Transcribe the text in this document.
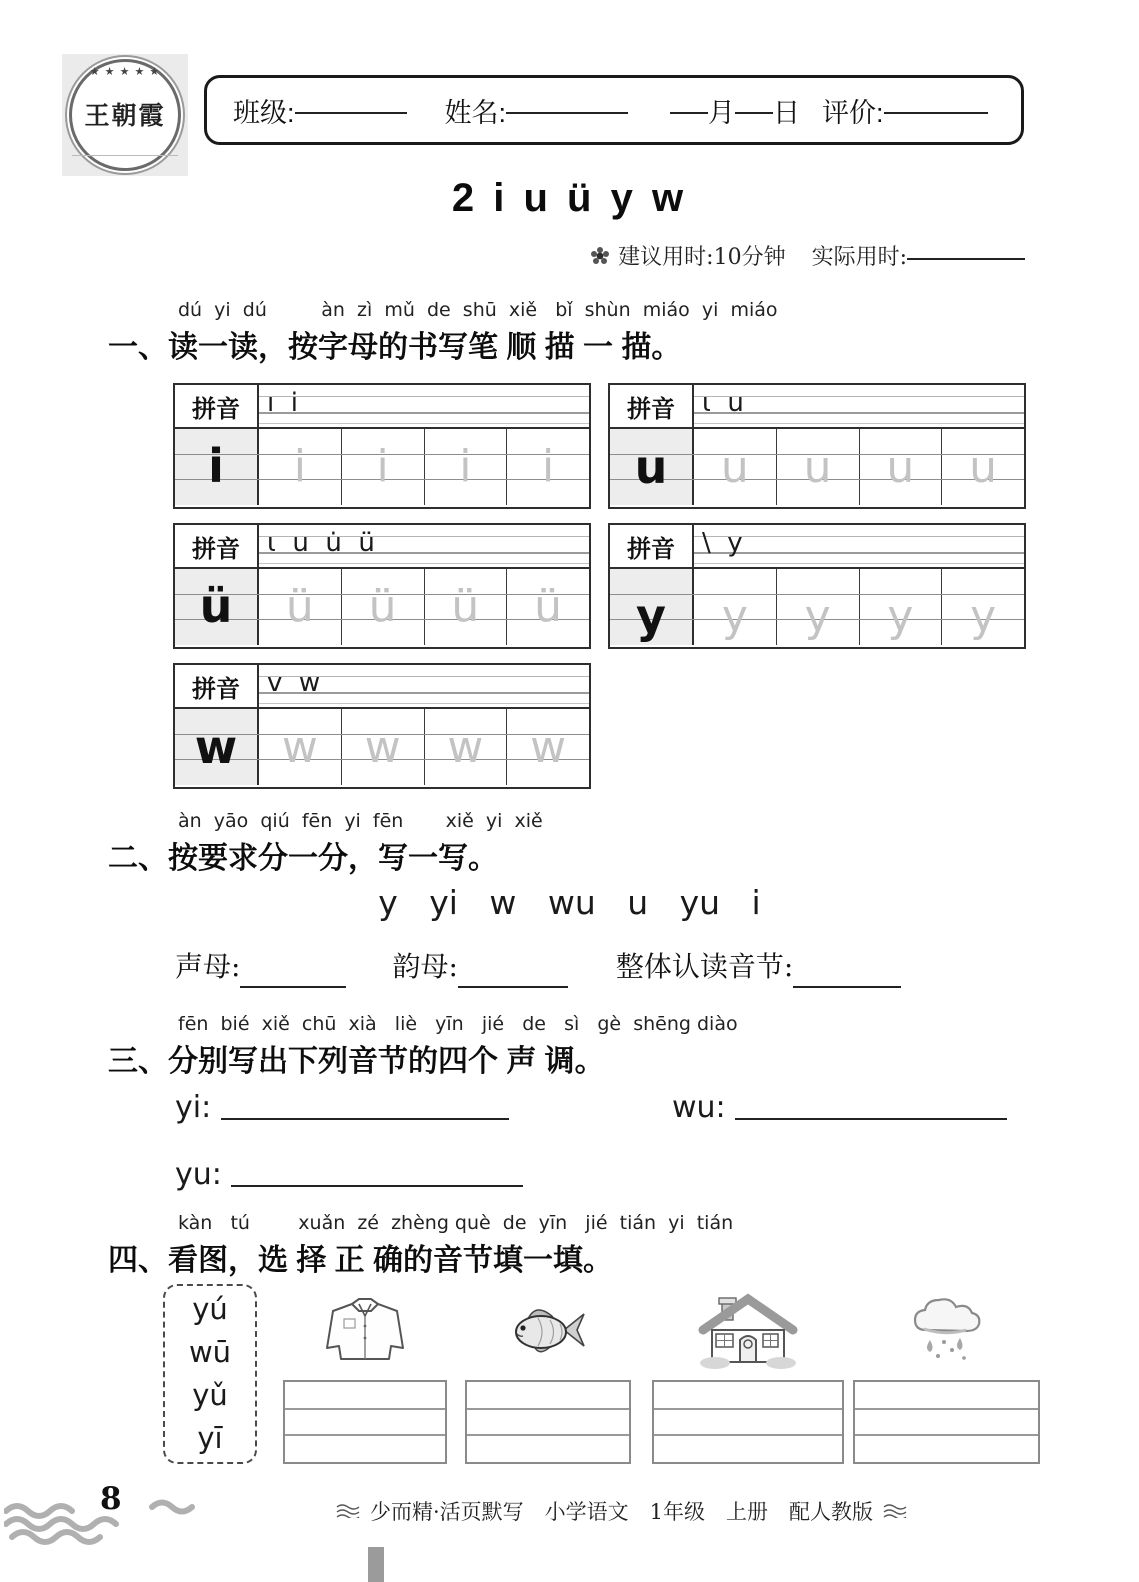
★ ★ ★ ★ ★
王朝霞	班级:	姓名:	月 日 评价:
2 i u ü y w
建议用时:10分钟 实际用时:
dú  yi  dú         àn  zì  mǔ  de  shū  xiě   bǐ  shùn  miáo  yi  miáo
一、读一读，按字母的书写笔 顺 描 一 描。
拼音	ı  i
i i i i i
拼音	ι  u
u u u u u
拼音	ι  u  u̇  ü
ü ü ü ü ü
拼音	\  y
y y y y y
拼音	v  w
w w w w w
àn  yāo  qiú  fēn  yi  fēn       xiě  yi  xiě
二、按要求分一分，写一写。
y   yi   w   wu   u   yu   i
声母:	韵母:	整体认读音节:
fēn  bié  xiě  chū  xià   liè   yīn   jié   de   sì   gè  shēng diào
三、分别写出下列音节的四个 声 调。
yi:	wu:
yu:
kàn   tú        xuǎn  zé  zhèng què  de  yīn   jié  tián  yi  tián
四、看图，选 择 正 确的音节填一填。
yú
wū
yǔ
yī
8	少而精·活页默写　小学语文　1年级　上册　配人教版
